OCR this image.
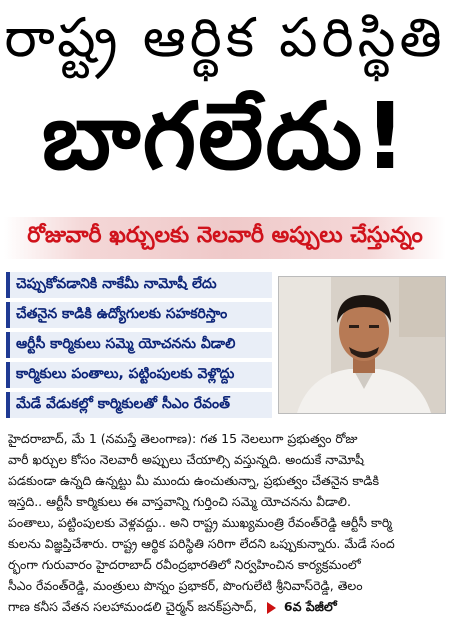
రాష్ట్ర ఆర్థిక పరిస్థితి
బాగలేదు!
రోజువారీ ఖర్చులకు నెలవారీ అప్పులు చేస్తున్నం
చెప్పుకోవడానికి నాకేమీ నామోషీ లేదు
చేతనైన కాడికి ఉద్యోగులకు సహకరిస్తాం
ఆర్టీసీ కార్మికులు సమ్మె యోచనను వీడాలి
కార్మికులు పంతాలు, పట్టింపులకు వెళ్లొద్దు
మేడే వేడుకల్లో కార్మికులతో సీఎం రేవంత్
హైదరాబాద్, మే 1 (నమస్తే తెలంగాణ): గత 15 నెలలుగా ప్రభుత్వం రోజు
వారీ ఖర్చుల కోసం నెలవారీ అప్పులు చేయాల్సి వస్తున్నది. అందుకే నామోషీ
పడకుండా ఉన్నది ఉన్నట్టు మీ ముందు ఉంచుతున్నా, ప్రభుత్వం చేతనైన కాడికి
ఇస్తది.. ఆర్టీసీ కార్మికులు ఈ వాస్తవాన్ని గుర్తించి సమ్మె యోచనను వీడాలి.
పంతాలు, పట్టింపులకు వెళ్లవద్దు.. అని రాష్ట్ర ముఖ్యమంత్రి రేవంత్‌రెడ్డి ఆర్టీసీ కార్మి
కులను విజ్ఞప్తిచేశారు. రాష్ట్ర ఆర్థిక పరిస్థితి సరిగా లేదని ఒప్పుకున్నారు. మేడే సంద
ర్భంగా గురువారం హైదరాబాద్ రవీంద్రభారతిలో నిర్వహించిన కార్యక్రమంలో
సీఎం రేవంత్‌రెడ్డి, మంత్రులు పొన్నం ప్రభాకర్, పొంగులేటి శ్రీనివాస్‌రెడ్డి, తెలం
గాణ కనీస వేతన సలహామండలి చైర్మన్ జనక్‌ప్రసాద్, 6వ పేజీలో
